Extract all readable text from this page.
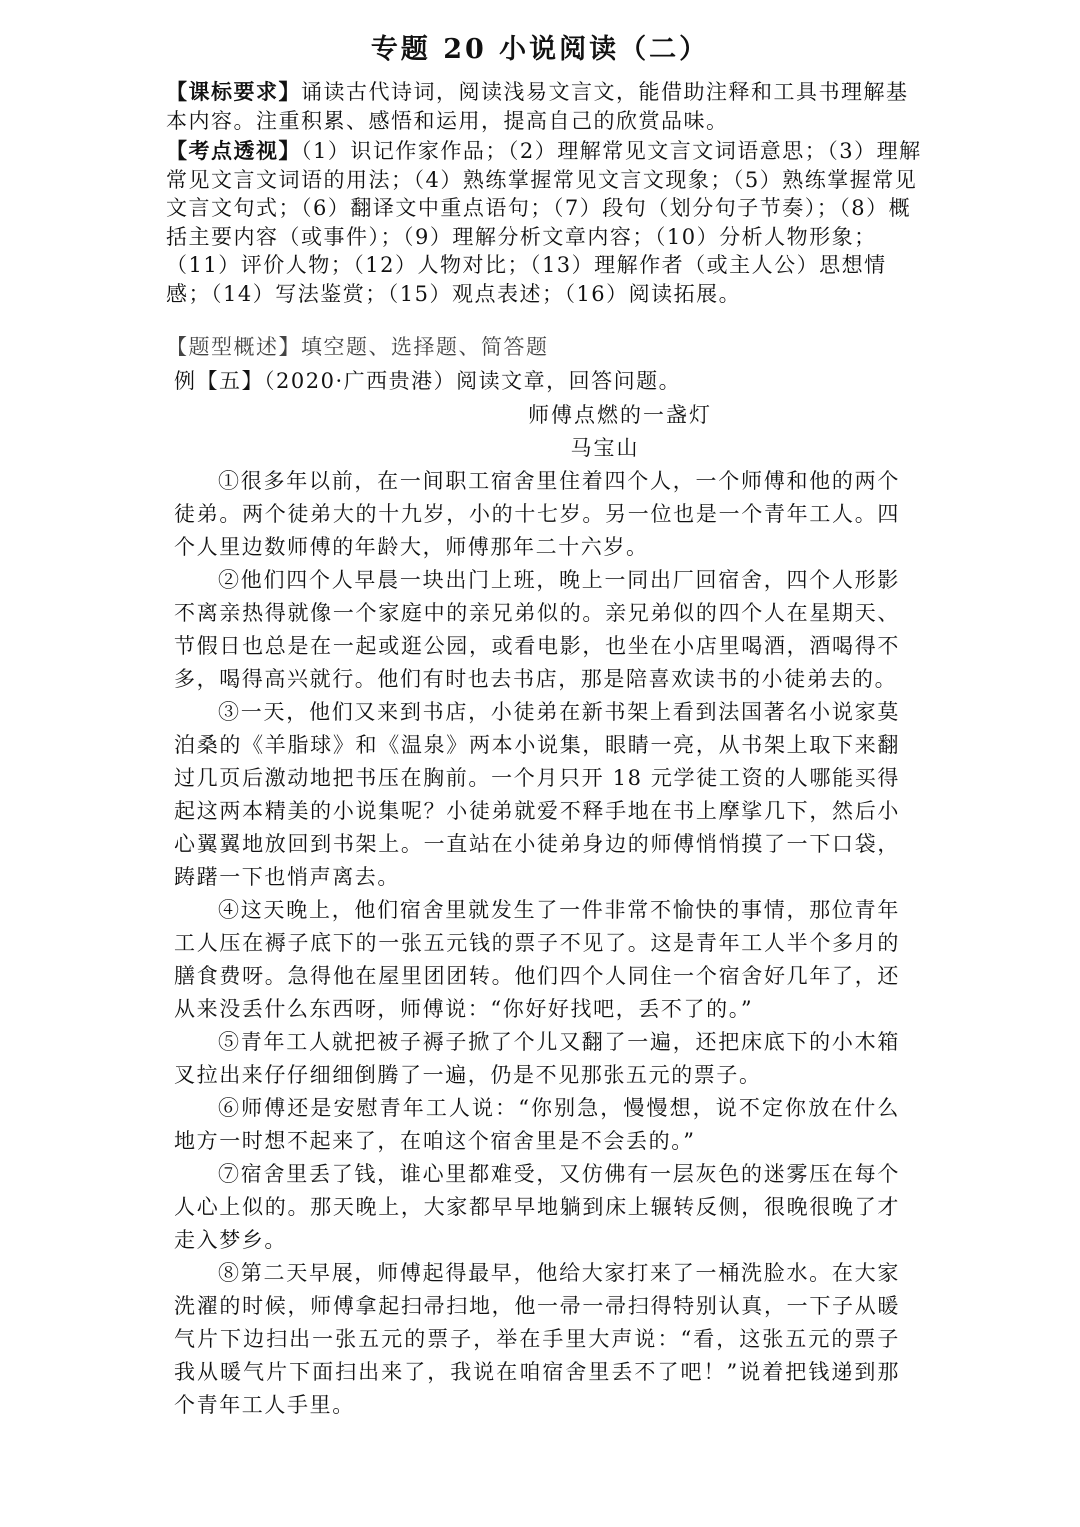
专题 20 小说阅读（二）

【课标要求】诵读古代诗词，阅读浅易文言文，能借助注释和工具书理解基本内容。注重积累、感悟和运用，提高自己的欣赏品味。

【考点透视】（1）识记作家作品；（2）理解常见文言文词语意思；（3）理解常见文言文词语的用法；（4）熟练掌握常见文言文现象；（5）熟练掌握常见文言文句式；（6）翻译文中重点语句；（7）段句（划分句子节奏）；（8）概括主要内容（或事件）；（9）理解分析文章内容；（10）分析人物形象；（11）评价人物；（12）人物对比；（13）理解作者（或主人公）思想情感；（14）写法鉴赏；（15）观点表述；（16）阅读拓展。

【题型概述】填空题、选择题、简答题

例【五】（2020·广西贵港）阅读文章，回答问题。

师傅点燃的一盏灯

马宝山

①很多年以前，在一间职工宿舍里住着四个人，一个师傅和他的两个徒弟。两个徒弟大的十九岁，小的十七岁。另一位也是一个青年工人。四个人里边数师傅的年龄大，师傅那年二十六岁。

②他们四个人早晨一块出门上班，晚上一同出厂回宿舍，四个人形影不离亲热得就像一个家庭中的亲兄弟似的。亲兄弟似的四个人在星期天、节假日也总是在一起或逛公园，或看电影，也坐在小店里喝酒，酒喝得不多，喝得高兴就行。他们有时也去书店，那是陪喜欢读书的小徒弟去的。

③一天，他们又来到书店，小徒弟在新书架上看到法国著名小说家莫泊桑的《羊脂球》和《温泉》两本小说集，眼睛一亮，从书架上取下来翻过几页后激动地把书压在胸前。一个月只开 18 元学徒工资的人哪能买得起这两本精美的小说集呢？小徒弟就爱不释手地在书上摩挲几下，然后小心翼翼地放回到书架上。一直站在小徒弟身边的师傅悄悄摸了一下口袋，踌躇一下也悄声离去。

④这天晚上，他们宿舍里就发生了一件非常不愉快的事情，那位青年工人压在褥子底下的一张五元钱的票子不见了。这是青年工人半个多月的膳食费呀。急得他在屋里团团转。他们四个人同住一个宿舍好几年了，还从来没丢什么东西呀，师傅说：“你好好找吧，丢不了的。”

⑤青年工人就把被子褥子掀了个儿又翻了一遍，还把床底下的小木箱叉拉出来仔仔细细倒腾了一遍，仍是不见那张五元的票子。

⑥师傅还是安慰青年工人说：“你别急，慢慢想，说不定你放在什么地方一时想不起来了，在咱这个宿舍里是不会丢的。”

⑦宿舍里丢了钱，谁心里都难受，又仿佛有一层灰色的迷雾压在每个人心上似的。那天晚上，大家都早早地躺到床上辗转反侧，很晚很晚了才走入梦乡。

⑧第二天早展，师傅起得最早，他给大家打来了一桶洗脸水。在大家洗濯的时候，师傅拿起扫帚扫地，他一帚一帚扫得特别认真，一下子从暖气片下边扫出一张五元的票子，举在手里大声说：“看，这张五元的票子我从暖气片下面扫出来了，我说在咱宿舍里丢不了吧！”说着把钱递到那个青年工人手里。
